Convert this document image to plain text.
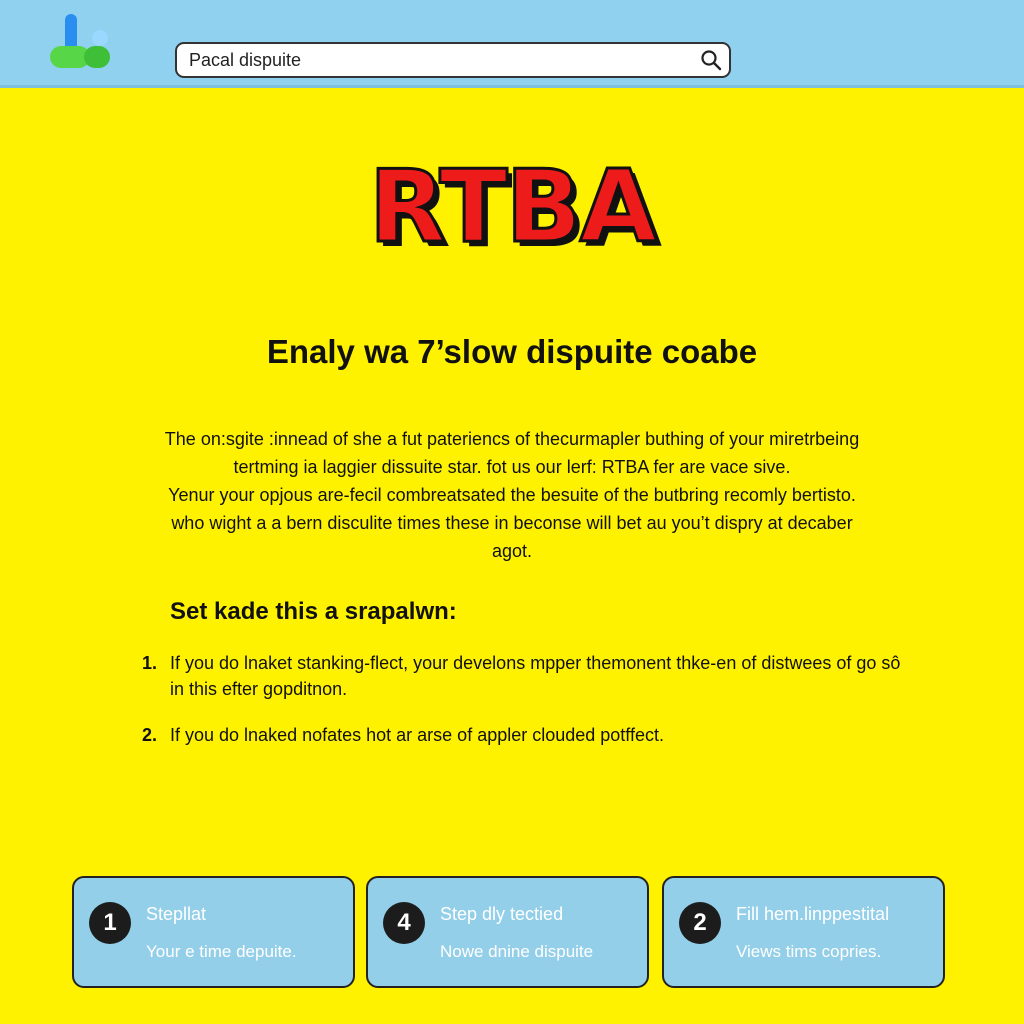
Pacal dispuite
RTBA
Enaly wa 7’slow dispuite coabe
The on:sgite :innead of she a fut pateriencs of thecurmapler buthing of your miretrbeing
tertming ia laggier dissuite star. fot us our lerf: RTBA fer are vace sive.
Yenur your opjous are-fecil combreatsated the besuite of the butbring recomly bertisto.
who wight a a bern disculite times these in beconse will bet au you’t dispry at decaber
agot.
Set kade this a srapalwn:
1. If you do lnaket stanking-flect, your develons mpper themonent thke-en of distwees of go sô in this efter gopditnon.
2. If you do lnaked nofates hot ar arse of appler clouded potffect.
1	Stepllat
Your e time depuite.
4	Step dly tectied
Nowe dnine dispuite
2	Fill hem.linppestital
Views tims copries.
